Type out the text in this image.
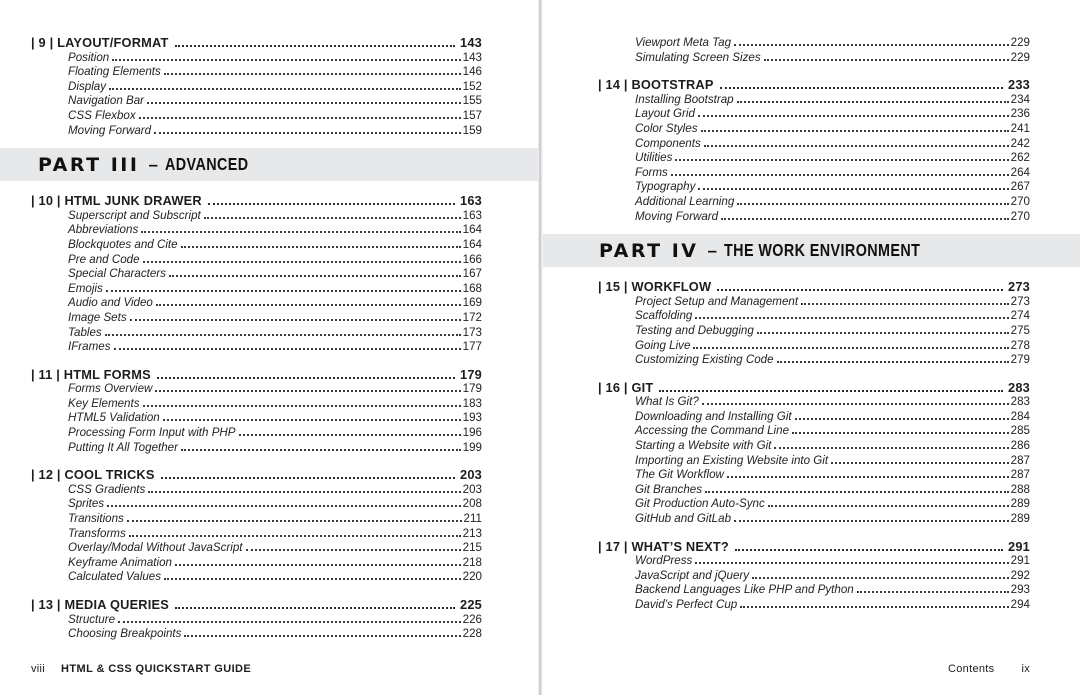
| 9 | LAYOUT/FORMAT	143
Position	143
Floating Elements	146
Display	152
Navigation Bar	155
CSS Flexbox	157
Moving Forward	159
PART III – ADVANCED
| 10 | HTML JUNK DRAWER	163
Superscript and Subscript	163
Abbreviations	164
Blockquotes and Cite	164
Pre and Code	166
Special Characters	167
Emojis	168
Audio and Video	169
Image Sets	172
Tables	173
IFrames	177
| 11 | HTML FORMS	179
Forms Overview	179
Key Elements	183
HTML5 Validation	193
Processing Form Input with PHP	196
Putting It All Together	199
| 12 | COOL TRICKS	203
CSS Gradients	203
Sprites	208
Transitions	211
Transforms	213
Overlay/Modal Without JavaScript	215
Keyframe Animation	218
Calculated Values	220
| 13 | MEDIA QUERIES	225
Structure	226
Choosing Breakpoints	228
viii HTML & CSS QUICKSTART GUIDE
Viewport Meta Tag	229
Simulating Screen Sizes	229
| 14 | BOOTSTRAP	233
Installing Bootstrap	234
Layout Grid	236
Color Styles	241
Components	242
Utilities	262
Forms	264
Typography	267
Additional Learning	270
Moving Forward	270
PART IV – THE WORK ENVIRONMENT
| 15 | WORKFLOW	273
Project Setup and Management	273
Scaffolding	274
Testing and Debugging	275
Going Live	278
Customizing Existing Code	279
| 16 | GIT	283
What Is Git?	283
Downloading and Installing Git	284
Accessing the Command Line	285
Starting a Website with Git	286
Importing an Existing Website into Git	287
The Git Workflow	287
Git Branches	288
Git Production Auto-Sync	289
GitHub and GitLab	289
| 17 | WHAT’S NEXT?	291
WordPress	291
JavaScript and jQuery	292
Backend Languages Like PHP and Python	293
David’s Perfect Cup	294
Contents ix
